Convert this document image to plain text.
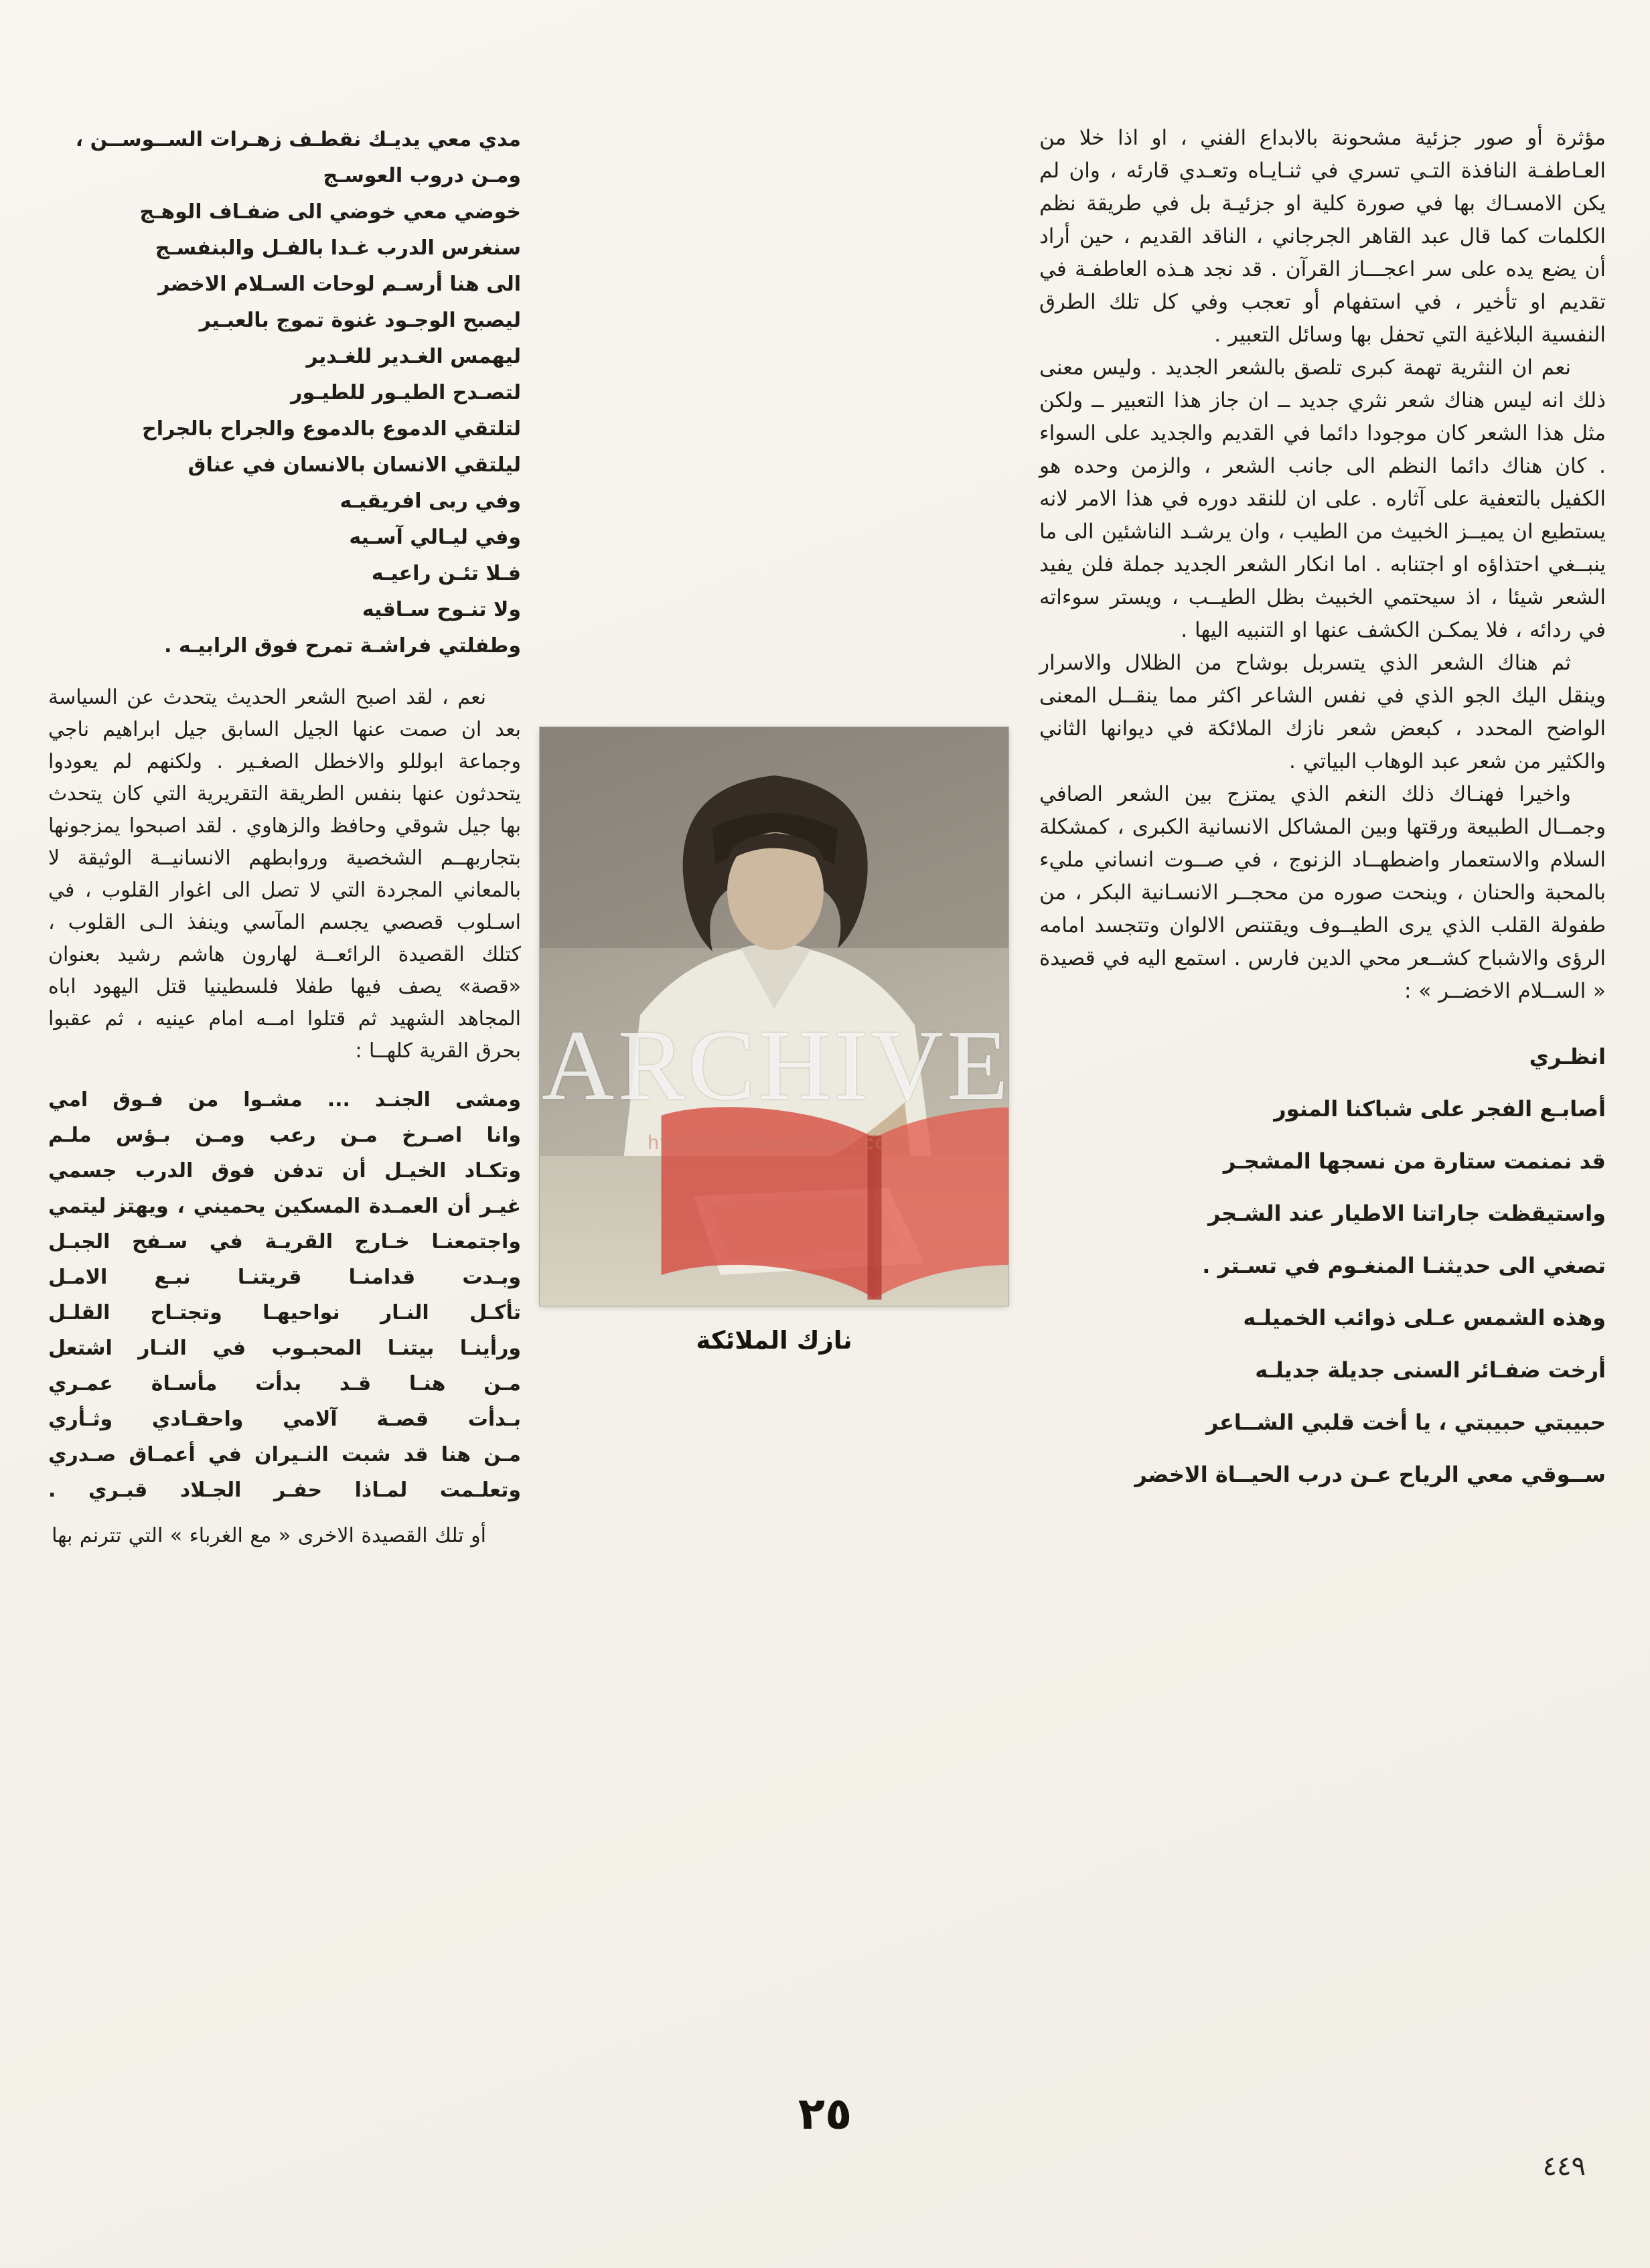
مؤثرة أو صور جزئية مشحونة بالابداع الفني ، او اذا خلا من العـاطفـة النافذة التـي تسري في ثنـايـاه وتعـدي قارئه ، وان لم يكن الامسـاك بها في صورة كلية او جزئيـة بل في طريقة نظم الكلمات كما قال عبد القاهر الجرجاني ، الناقد القديم ، حين أراد أن يضع يده على سر اعجـــاز القرآن . قد نجد هـذه العاطفـة في تقديم او تأخير ، في استفهام أو تعجب وفي كل تلك الطرق النفسية البلاغية التي تحفل بها وسائل التعبير .

نعم ان النثرية تهمة كبرى تلصق بالشعر الجديد . وليس معنى ذلك انه ليس هناك شعر نثري جديد ــ ان جاز هذا التعبير ــ ولكن مثل هذا الشعر كان موجودا دائما في القديم والجديد على السواء . كان هناك دائما النظم الى جانب الشعر ، والزمن وحده هو الكفيل بالتعفية على آثاره . على ان للنقد دوره في هذا الامر لانه يستطيع ان يميــز الخبيث من الطيب ، وان يرشـد الناشئين الى ما ينبــغي احتذاؤه او اجتنابه . اما انكار الشعر الجديد جملة فلن يفيد الشعر شيئا ، اذ سيحتمي الخبيث بظل الطيــب ، ويستر سوءاته في ردائه ، فلا يمكـن الكشف عنها او التنبيه اليها .

ثم هناك الشعر الذي يتسربل بوشاح من الظلال والاسرار وينقل اليك الجو الذي في نفس الشاعر اكثر مما ينقــل المعنى الواضح المحدد ، كبعض شعر نازك الملائكة في ديوانها الثاني والكثير من شعر عبد الوهاب البياتي .

واخيرا فهنـاك ذلك النغم الذي يمتزج بين الشعر الصافي وجمــال الطبيعة ورقتها وبين المشاكل الانسانية الكبرى ، كمشكلة السلام والاستعمار واضطهــاد الزنوج ، في صــوت انساني مليء بالمحبة والحنان ، وينحت صوره من محجــر الانسـانية البكر ، من طفولة القلب الذي يرى الطيــوف ويقتنص الالوان وتتجسد امامه الرؤى والاشباح كشــعر محي الدين فارس . استمع اليه في قصيدة « الســلام الاخضــر » :

انظـري
أصابـع الفجر على شباكنا المنور
قد نمنمت ستارة من نسجها المشجـر
واستيقظت جاراتنا الاطيار عند الشـجر
تصغي الى حديثنـا المنغـوم في تسـتر .
وهذه الشمس عـلى ذوائب الخميلـه
أرخت ضفـائر السنى جديلة جديلـه
حبيبتي حبيبتي ، يا أخت قلبي الشــاعر
ســوقي معي الرياح عـن درب الحيــاة الاخضر
مدي معي يديـك نقطـف زهـرات الســوســن ،
ومـن دروب العوسـج
خوضي معي خوضي الى ضفـاف الوهـج
سنغرس الدرب غـدا بالفـل والبنفسـج
الى هنا أرسـم لوحات السـلام الاخضر
ليصبح الوجـود غنوة تموج بالعبـير
ليهمس الغـدير للغـدير
لتصـدح الطيـور للطيـور
لتلتقي الدموع بالدموع والجراح بالجراح
ليلتقي الانسان بالانسان في عناق
وفي ربى افريقيـه
وفي ليـالي آسـيه
فـلا تئـن راعيـه
ولا تنـوح سـاقيه
وطفلتي فراشـة تمرح فوق الرابيـه .

نعم ، لقد اصبح الشعر الحديث يتحدث عن السياسة بعد ان صمت عنها الجيل السابق جيل ابراهيم ناجي وجماعة ابوللو والاخطل الصغـير . ولكنهم لم يعودوا يتحدثون عنها بنفس الطريقة التقريرية التي كان يتحدث بها جيل شوقي وحافظ والزهاوي . لقد اصبحوا يمزجونها بتجاربهــم الشخصية وروابطهم الانسانيــة الوثيقة لا بالمعاني المجردة التي لا تصل الى اغوار القلوب ، في اسـلوب قصصي يجسم المآسي وينفذ الـى القلوب ، كتلك القصيدة الرائعــة لهارون هاشم رشيد بعنوان «قصة» يصف فيها طفلا فلسطينيا قتل اليهود اباه المجاهد الشهيد ثم قتلوا امــه امام عينيه ، ثم عقبوا بحرق القرية كلهــا :

ومشى الجنـد ... مشـوا من فـوق امي
وانا اصـرخ مـن رعب ومـن بـؤس ملـم
وتكـاد الخيـل أن تدفن فوق الدرب جسمي
غيـر أن العمـدة المسكين يحميني ، ويهتز ليتمي
واجتمعنـا خـارج القريـة في سـفح الجبـل
وبـدت قدامنـا قريتنـا نبـع الامـل
تأكـل النـار نواحيهـا وتجتـاح القلـل
ورأينـا بيتنـا المحبـوب في النـار اشتعل
مـن هنـا قـد بدأت مأسـاة عمـري
بـدأت قصـة آلامي واحقـادي وثـأري
مـن هنا قد شبت النـيران في أعمـاق صـدري
وتعلـمت لمـاذا حفـر الجـلاد قبـري .

أو تلك القصيدة الاخرى « مع الغرباء » التي تترنم بها

نازك الملائكة
ARCHIVE
http://archive.sakhrit.com
٢٥
٤٤٩
